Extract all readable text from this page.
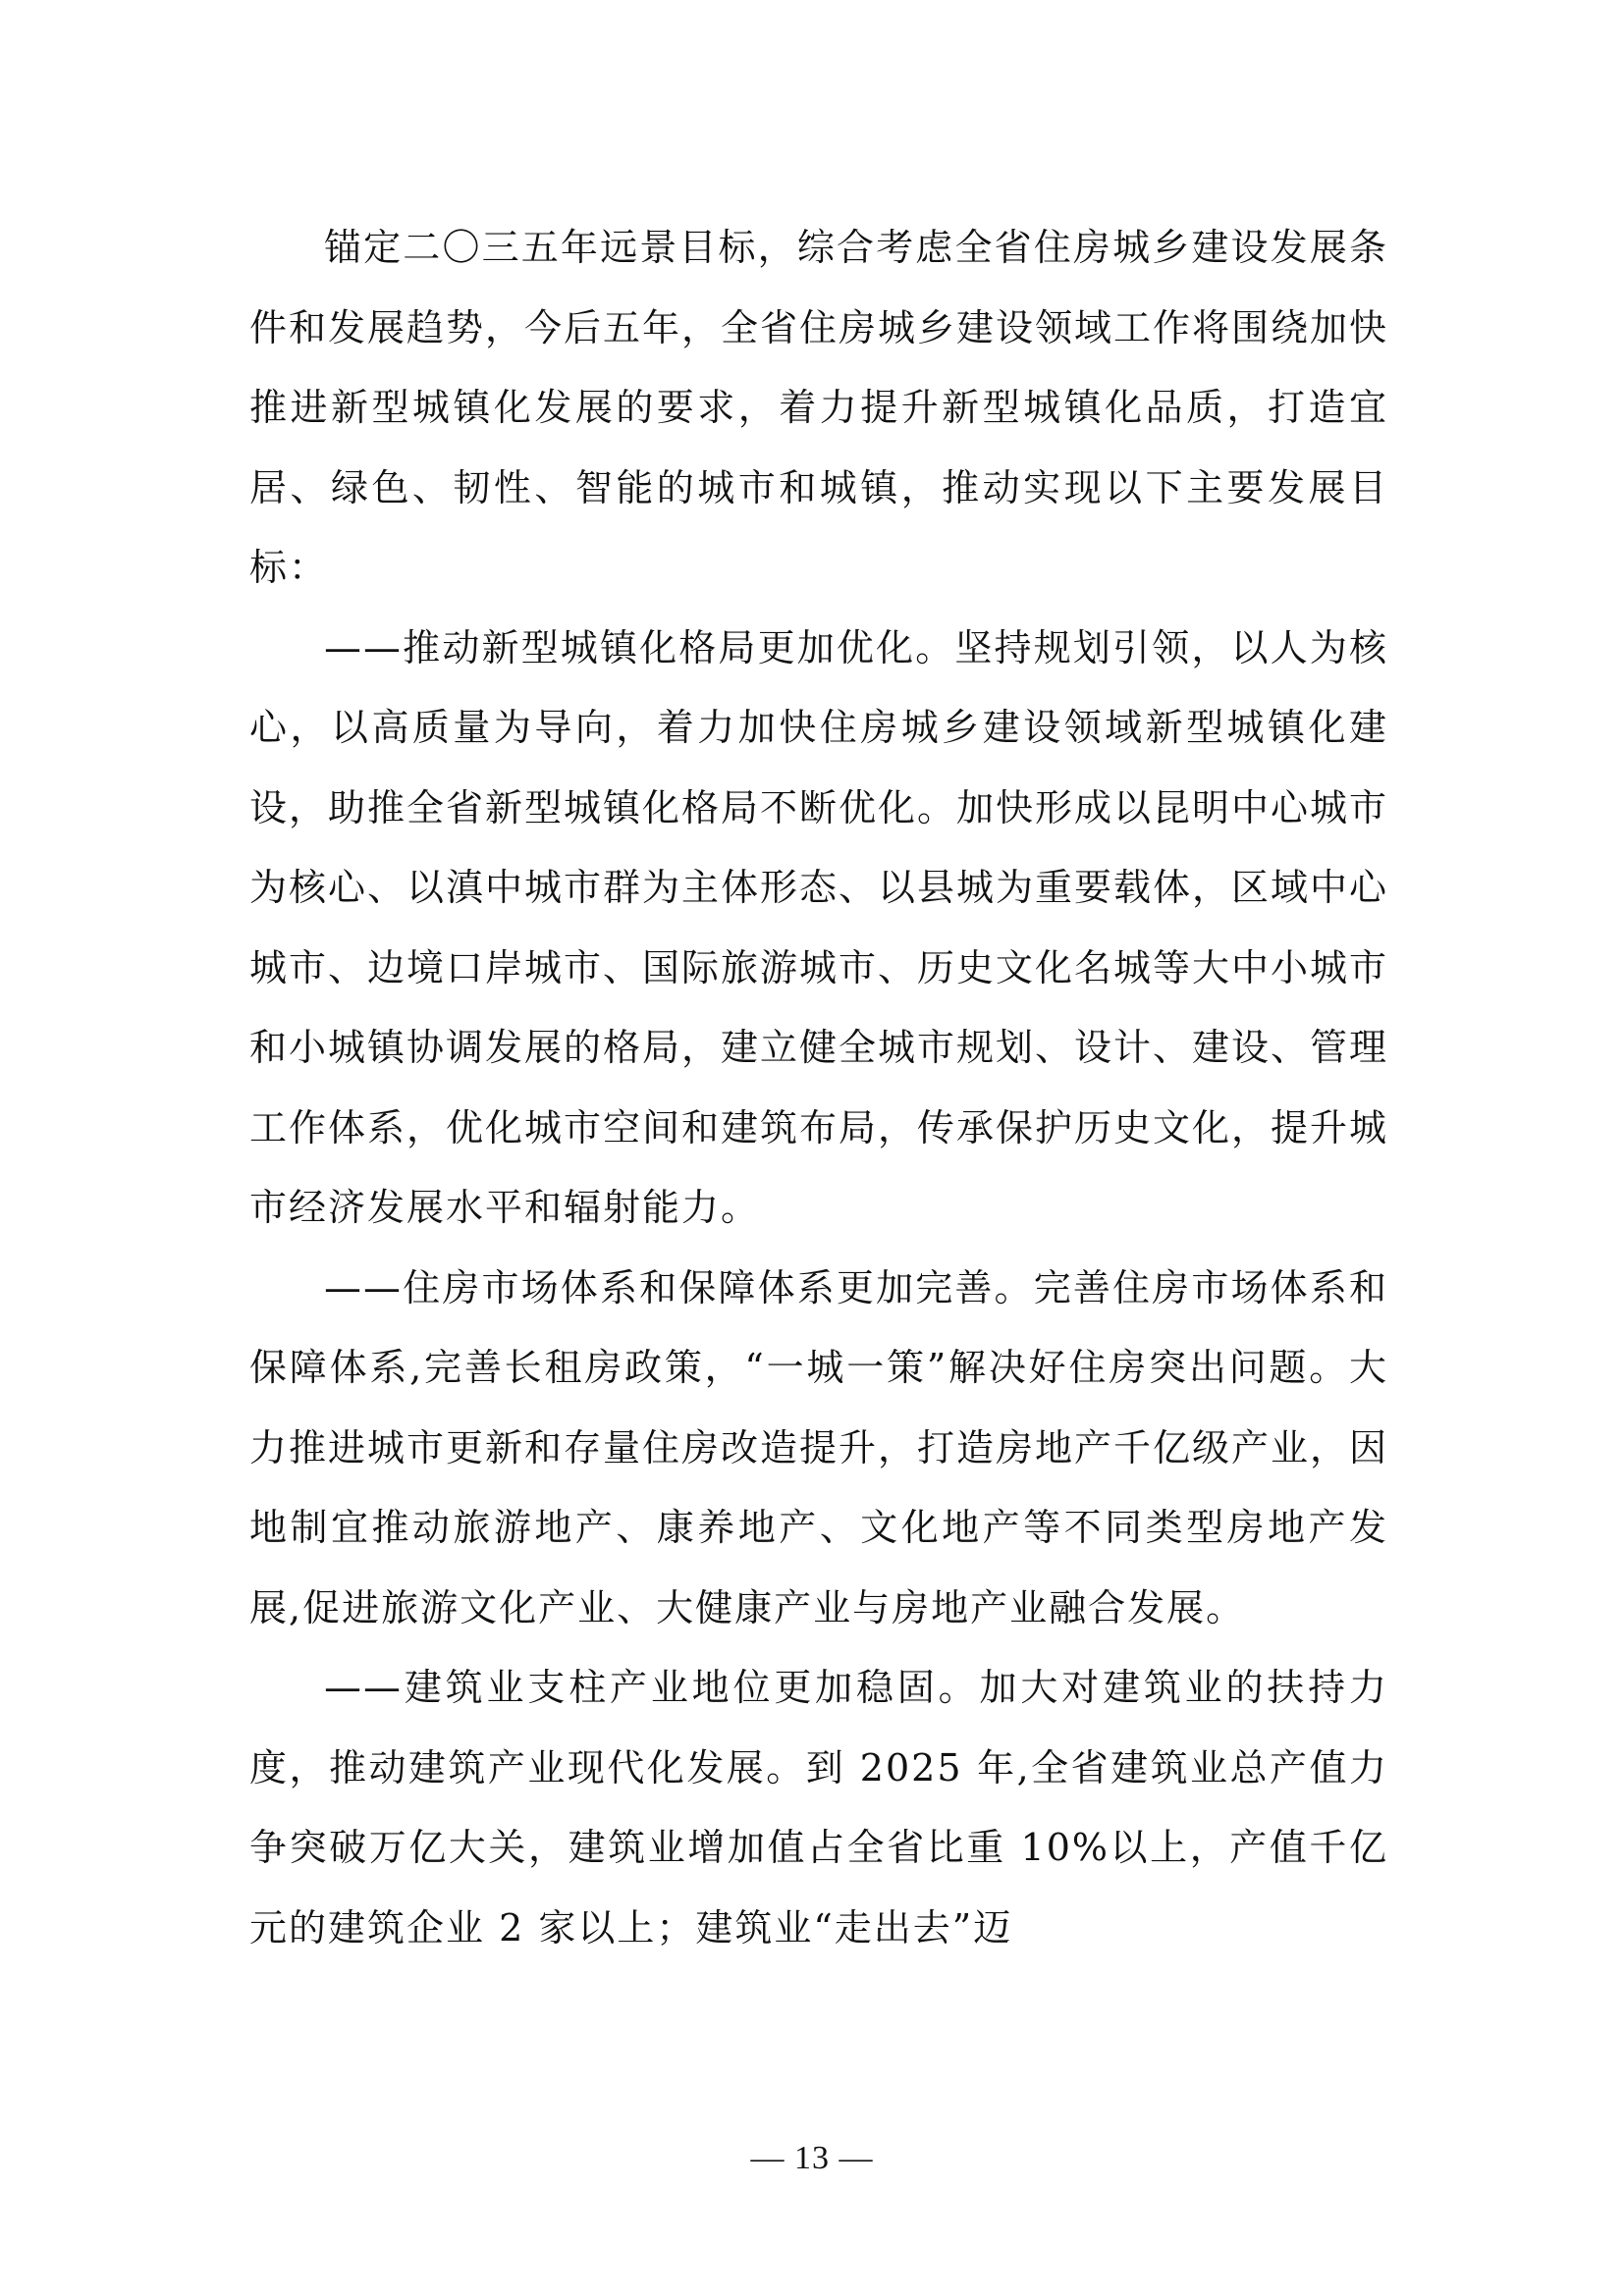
锚定二〇三五年远景目标，综合考虑全省住房城乡建设发展条件和发展趋势，今后五年，全省住房城乡建设领域工作将围绕加快推进新型城镇化发展的要求，着力提升新型城镇化品质，打造宜居、绿色、韧性、智能的城市和城镇，推动实现以下主要发展目标：

——推动新型城镇化格局更加优化。坚持规划引领，以人为核心，以高质量为导向，着力加快住房城乡建设领域新型城镇化建设，助推全省新型城镇化格局不断优化。加快形成以昆明中心城市为核心、以滇中城市群为主体形态、以县城为重要载体，区域中心城市、边境口岸城市、国际旅游城市、历史文化名城等大中小城市和小城镇协调发展的格局，建立健全城市规划、设计、建设、管理工作体系，优化城市空间和建筑布局，传承保护历史文化，提升城市经济发展水平和辐射能力。

——住房市场体系和保障体系更加完善。完善住房市场体系和保障体系,完善长租房政策，“一城一策”解决好住房突出问题。大力推进城市更新和存量住房改造提升，打造房地产千亿级产业，因地制宜推动旅游地产、康养地产、文化地产等不同类型房地产发展,促进旅游文化产业、大健康产业与房地产业融合发展。

——建筑业支柱产业地位更加稳固。加大对建筑业的扶持力度，推动建筑产业现代化发展。到 2025 年,全省建筑业总产值力争突破万亿大关，建筑业增加值占全省比重 10%以上，产值千亿元的建筑企业 2 家以上；建筑业“走出去”迈

— 13 —
